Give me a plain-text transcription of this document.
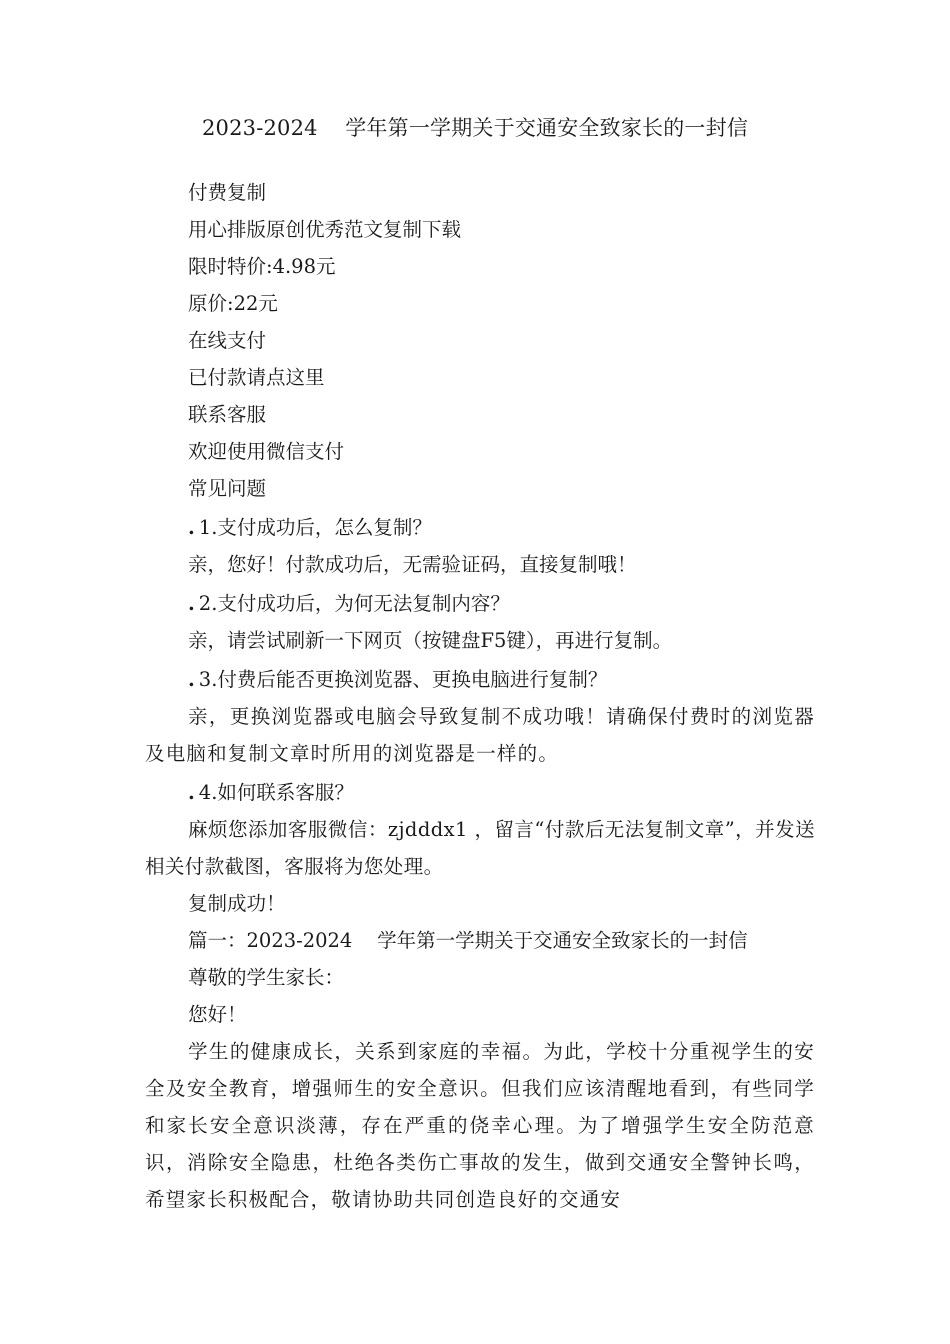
2023-2024    学年第一学期关于交通安全致家长的一封信
付费复制
用心排版原创优秀范文复制下载
限时特价:4.98元
原价:22元
在线支付
已付款请点这里
联系客服
欢迎使用微信支付
常见问题
. 1.支付成功后，怎么复制？
亲，您好！付款成功后，无需验证码，直接复制哦！
. 2.支付成功后，为何无法复制内容？
亲，请尝试刷新一下网页（按键盘F5键），再进行复制。
. 3.付费后能否更换浏览器、更换电脑进行复制？
亲，更换浏览器或电脑会导致复制不成功哦！请确保付费时的浏览器及电脑和复制文章时所用的浏览器是一样的。
. 4.如何联系客服？
麻烦您添加客服微信：zjdddx1 ，留言“付款后无法复制文章”，并发送相关付款截图，客服将为您处理。
复制成功！
篇一：2023-2024    学年第一学期关于交通安全致家长的一封信
尊敬的学生家长：
您好！
学生的健康成长，关系到家庭的幸福。为此，学校十分重视学生的安全及安全教育，增强师生的安全意识。但我们应该清醒地看到，有些同学和家长安全意识淡薄，存在严重的侥幸心理。为了增强学生安全防范意识，消除安全隐患，杜绝各类伤亡事故的发生，做到交通安全警钟长鸣，希望家长积极配合，敬请协助共同创造良好的交通安
